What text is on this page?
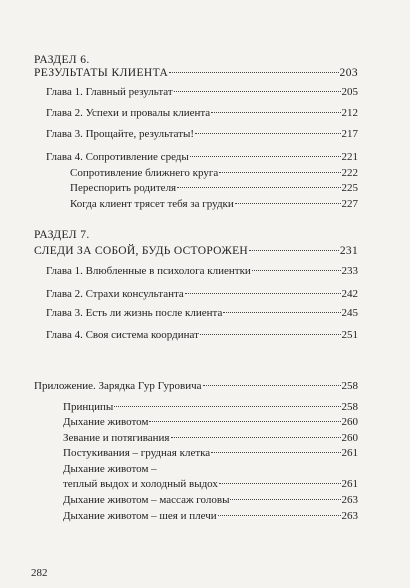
РАЗДЕЛ 6.
РЕЗУЛЬТАТЫ КЛИЕНТА	203
Глава 1. Главный результат	205
Глава 2. Успехи и провалы клиента	212
Глава 3. Прощайте, результаты!	217
Глава 4. Сопротивление среды	221
Сопротивление ближнего круга	222
Переспорить родителя	225
Когда клиент трясет тебя за грудки	227
РАЗДЕЛ 7.
СЛЕДИ ЗА СОБОЙ, БУДЬ ОСТОРОЖЕН	231
Глава 1. Влюбленные в психолога клиентки	233
Глава 2. Страхи консультанта	242
Глава 3. Есть ли жизнь после клиента	245
Глава 4. Своя система координат	251
Приложение. Зарядка Гур Гуровича	258
Принципы	258
Дыхание животом	260
Зевание и потягивания	260
Постукивания – грудная клетка	261
Дыхание животом –
теплый выдох и холодный выдох	261
Дыхание животом – массаж головы	263
Дыхание животом – шея и плечи	263
282
